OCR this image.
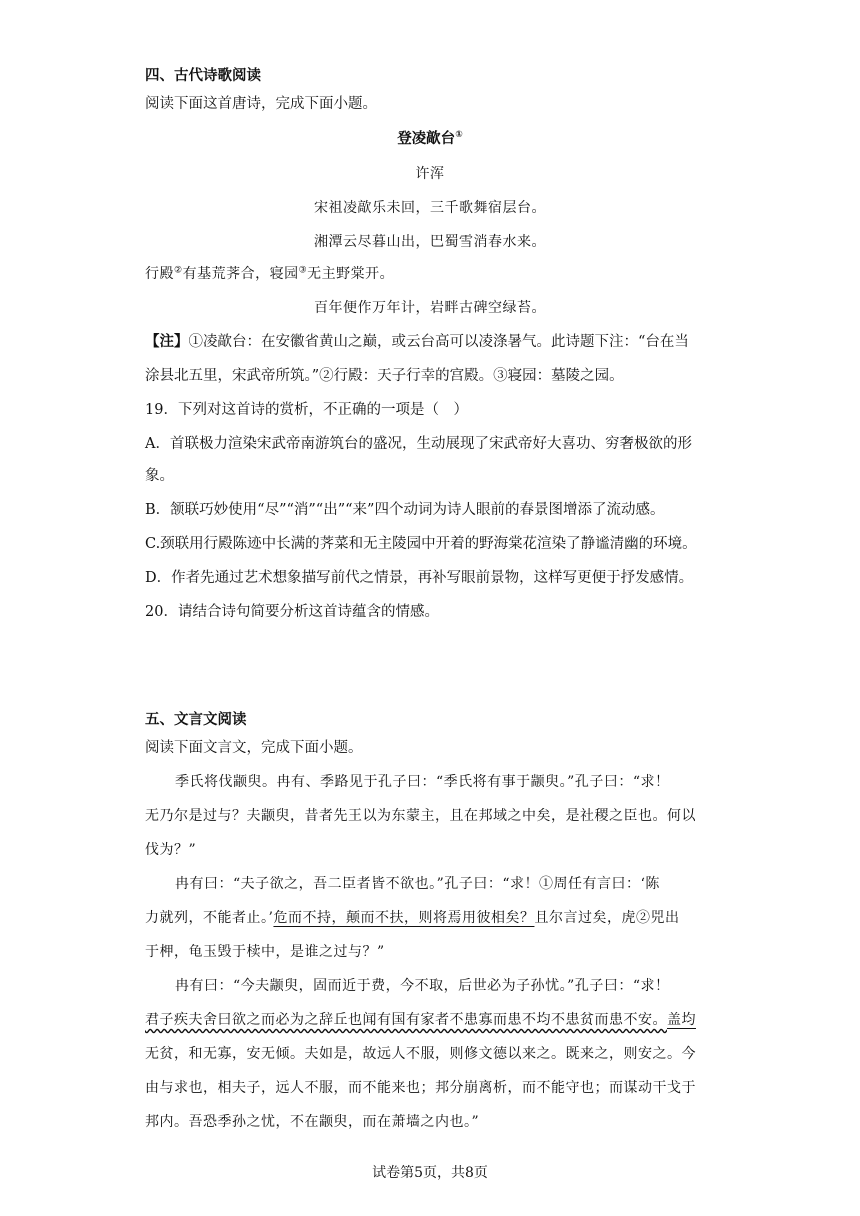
四、古代诗歌阅读
阅读下面这首唐诗，完成下面小题。
登凌歊台①
许浑
宋祖凌歊乐未回，三千歌舞宿层台。
湘潭云尽暮山出，巴蜀雪消春水来。
行殿②有基荒荠合，寝园③无主野棠开。
百年便作万年计，岩畔古碑空绿苔。
【注】①凌歊台：在安徽省黄山之巅，或云台高可以凌涤暑气。此诗题下注：“台在当
涂县北五里，宋武帝所筑。”②行殿：天子行幸的宫殿。③寝园：墓陵之园。
19．下列对这首诗的赏析，不正确的一项是（　）
A．首联极力渲染宋武帝南游筑台的盛况，生动展现了宋武帝好大喜功、穷奢极欲的形
象。
B．颔联巧妙使用“尽”“消”“出”“来”四个动词为诗人眼前的春景图增添了流动感。
C.颈联用行殿陈迹中长满的荠菜和无主陵园中开着的野海棠花渲染了静谧清幽的环境。
D．作者先通过艺术想象描写前代之情景，再补写眼前景物，这样写更便于抒发感情。
20．请结合诗句简要分析这首诗蕴含的情感。
五、文言文阅读
阅读下面文言文，完成下面小题。
季氏将伐颛臾。冉有、季路见于孔子曰：“季氏将有事于颛臾。”孔子曰：“求！
无乃尔是过与？夫颛臾，昔者先王以为东蒙主，且在邦域之中矣，是社稷之臣也。何以
伐为？”
冉有曰：“夫子欲之，吾二臣者皆不欲也。”孔子曰：“求！①周任有言曰：‘陈
力就列，不能者止。’危而不持，颠而不扶，则将焉用彼相矣？且尔言过矣，虎②兕出
于柙，龟玉毁于椟中，是谁之过与？”
冉有曰：“今夫颛臾，固而近于费，今不取，后世必为子孙忧。”孔子曰：“求！
君子疾夫舍曰欲之而必为之辞丘也闻有国有家者不患寡而患不均不患贫而患不安。盖均
无贫，和无寡，安无倾。夫如是，故远人不服，则修文德以来之。既来之，则安之。今
由与求也，相夫子，远人不服，而不能来也；邦分崩离析，而不能守也；而谋动干戈于
邦内。吾恐季孙之忧，不在颛臾，而在萧墙之内也。”
试卷第5页，共8页
